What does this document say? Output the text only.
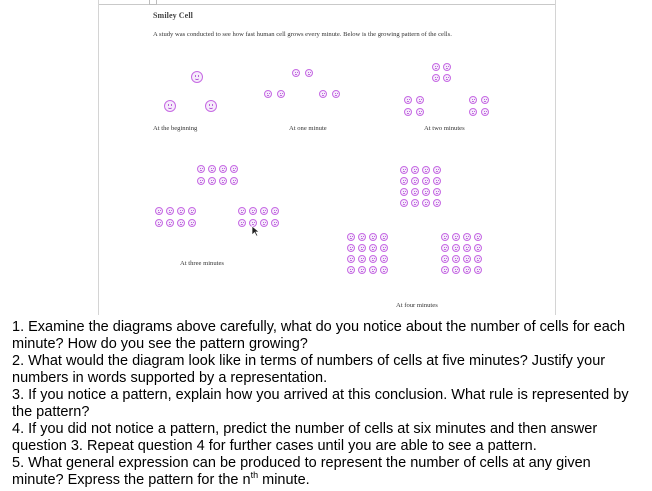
Smiley Cell
A study was conducted to see how fast human cell grows every minute. Below is the growing pattern of the cells.
At the beginning	At one minute	At two minutes
At three minutes
At four minutes

1. Examine the diagrams above carefully, what do you notice about the number of cells for each minute? How do you see the pattern growing?

2. What would the diagram look like in terms of numbers of cells at five minutes? Justify your numbers in words supported by a representation.

3. If you notice a pattern, explain how you arrived at this conclusion. What rule is represented by the pattern?

4. If you did not notice a pattern, predict the number of cells at six minutes and then answer question 3. Repeat question 4 for further cases until you are able to see a pattern.

5. What general expression can be produced to represent the number of cells at any given minute? Express the pattern for the $n^{th}$ minute.
